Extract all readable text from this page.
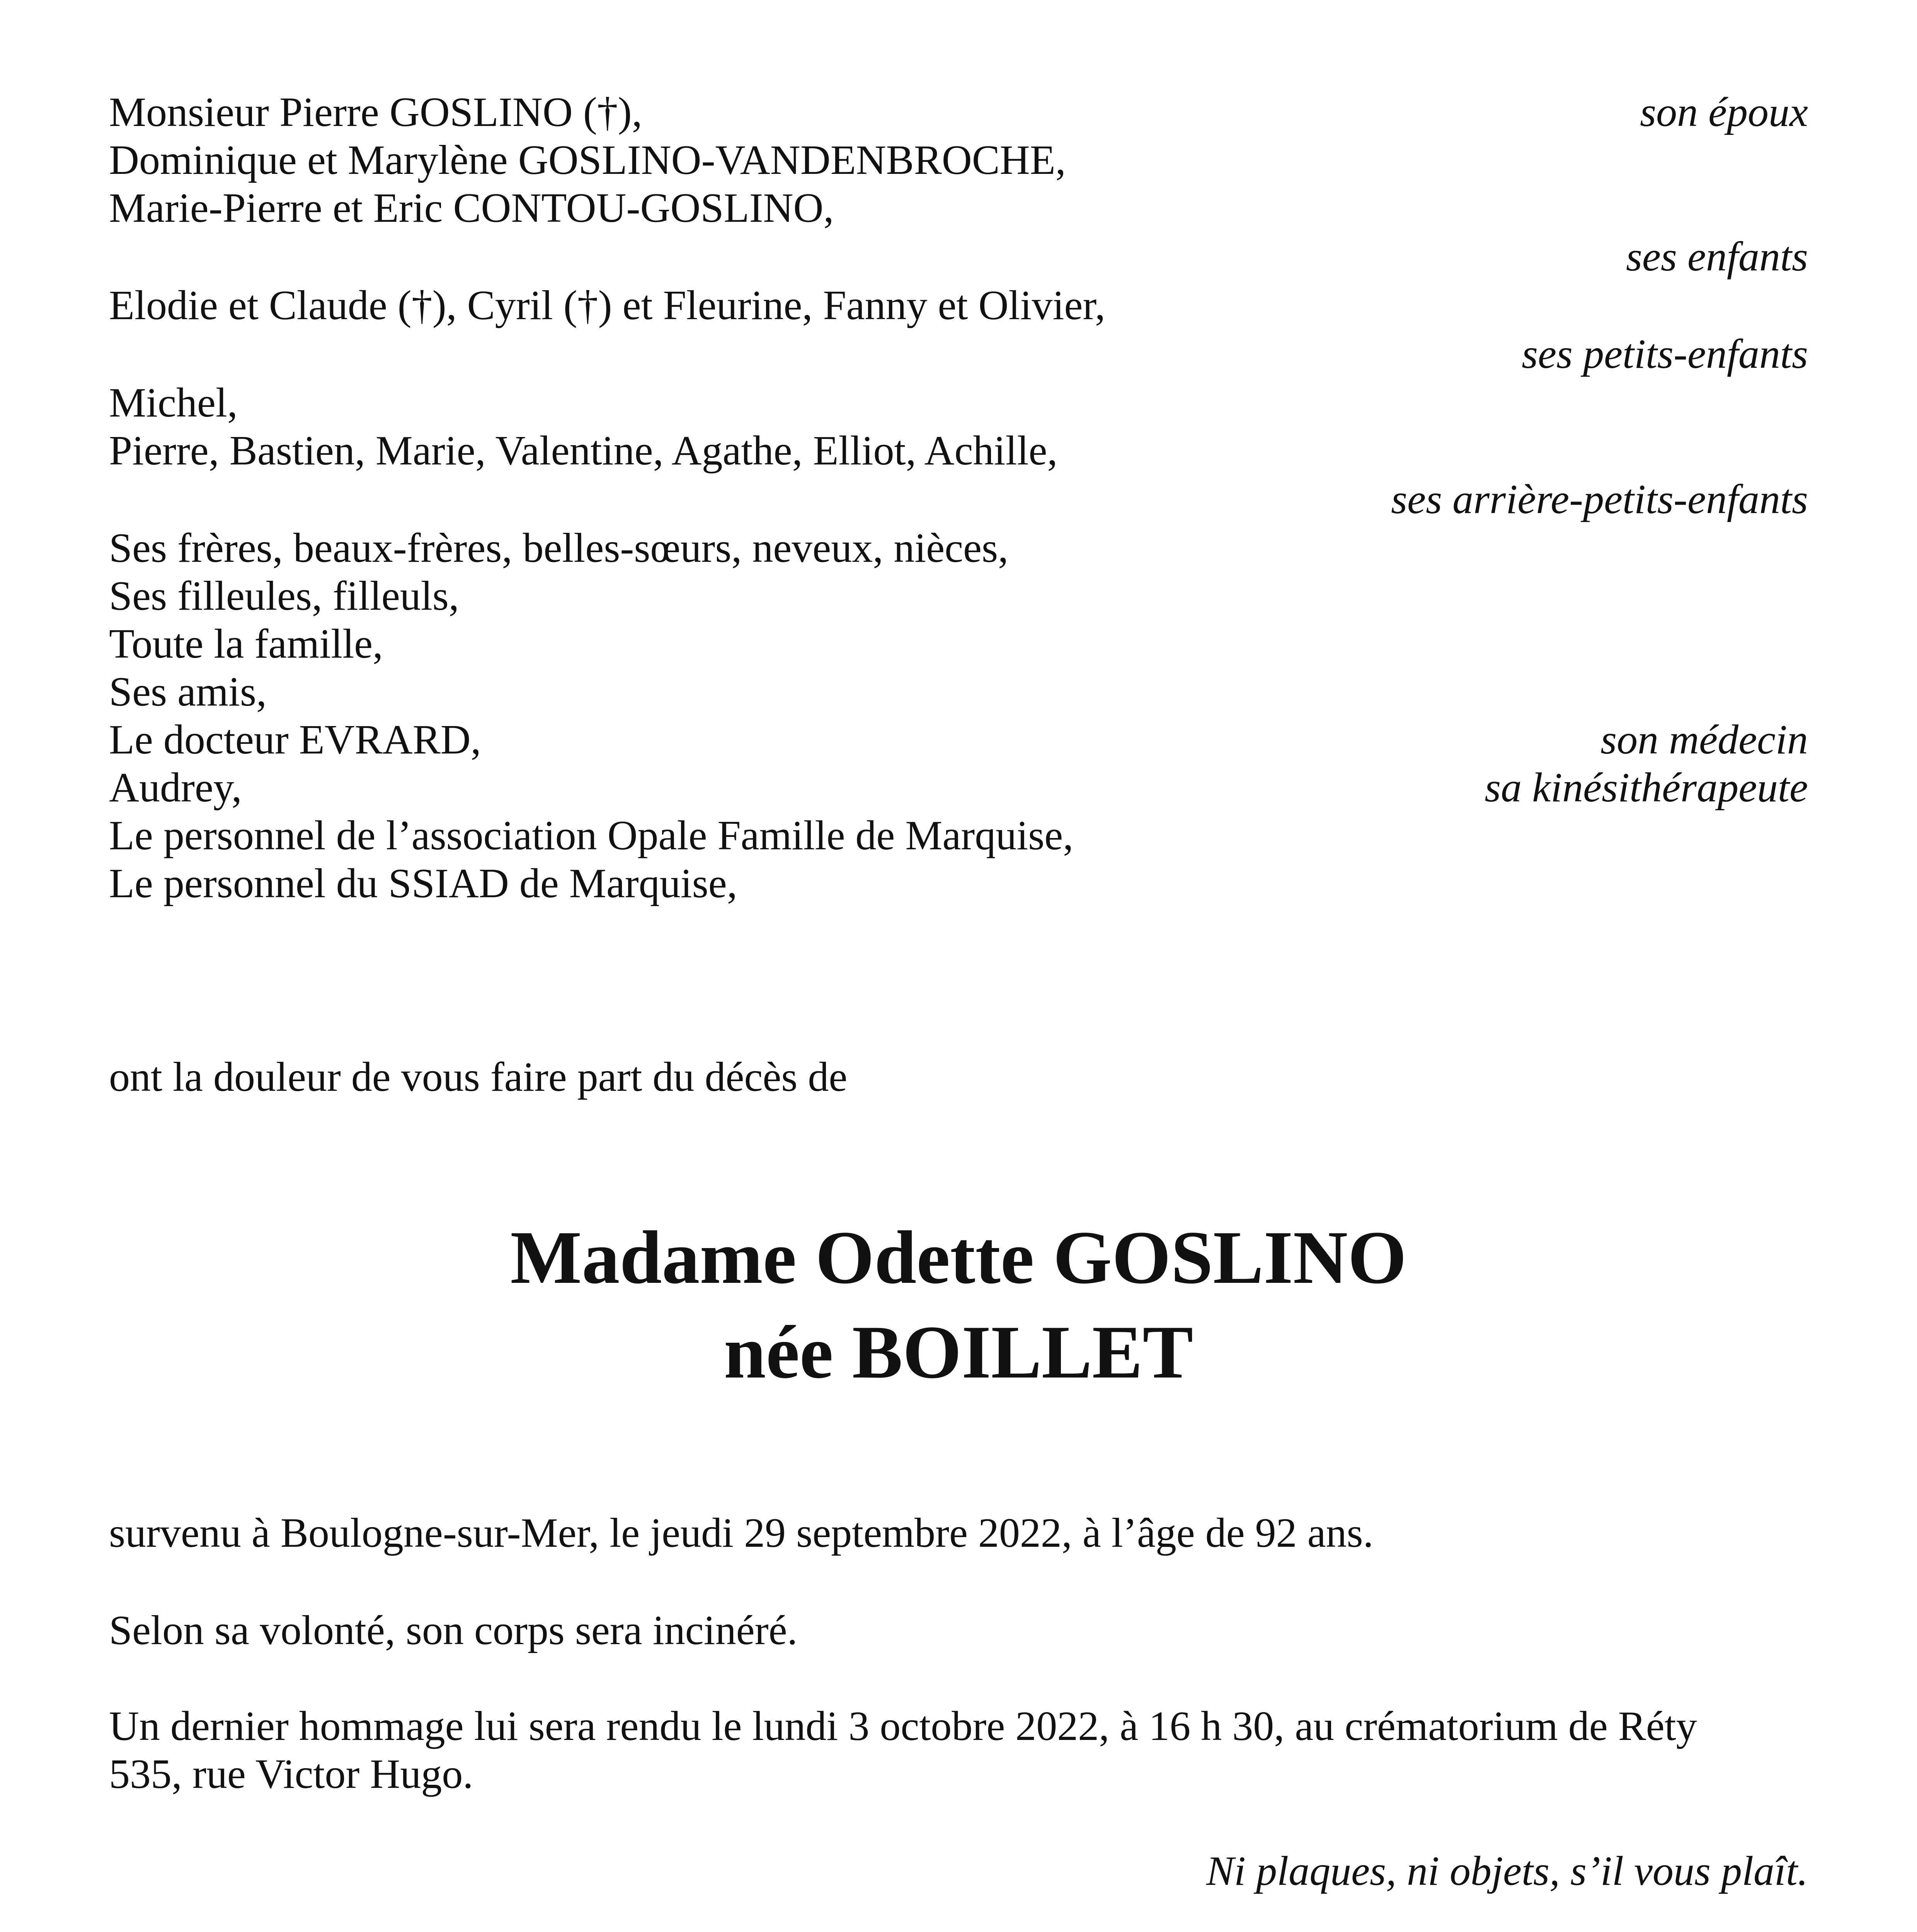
Monsieur Pierre GOSLINO (†),
Dominique et Marylène GOSLINO-VANDENBROCHE,
Marie-Pierre et Eric CONTOU-GOSLINO,
Elodie et Claude (†), Cyril (†) et Fleurine, Fanny et Olivier,
Michel,
Pierre, Bastien, Marie, Valentine, Agathe, Elliot, Achille,
Ses frères, beaux-frères, belles-sœurs, neveux, nièces,
Ses filleules, filleuls,
Toute la famille,
Ses amis,
Le docteur EVRARD,
Audrey,
Le personnel de l’association Opale Famille de Marquise,
Le personnel du SSIAD de Marquise,
son époux
ses enfants
ses petits-enfants
ses arrière-petits-enfants
son médecin
sa kinésithérapeute
ont la douleur de vous faire part du décès de
Madame Odette GOSLINO
née BOILLET
survenu à Boulogne-sur-Mer, le jeudi 29 septembre 2022, à l’âge de 92 ans.
Selon sa volonté, son corps sera incinéré.
Un dernier hommage lui sera rendu le lundi 3 octobre 2022, à 16 h 30, au crématorium de Réty
535, rue Victor Hugo.
Ni plaques, ni objets, s’il vous plaît.
